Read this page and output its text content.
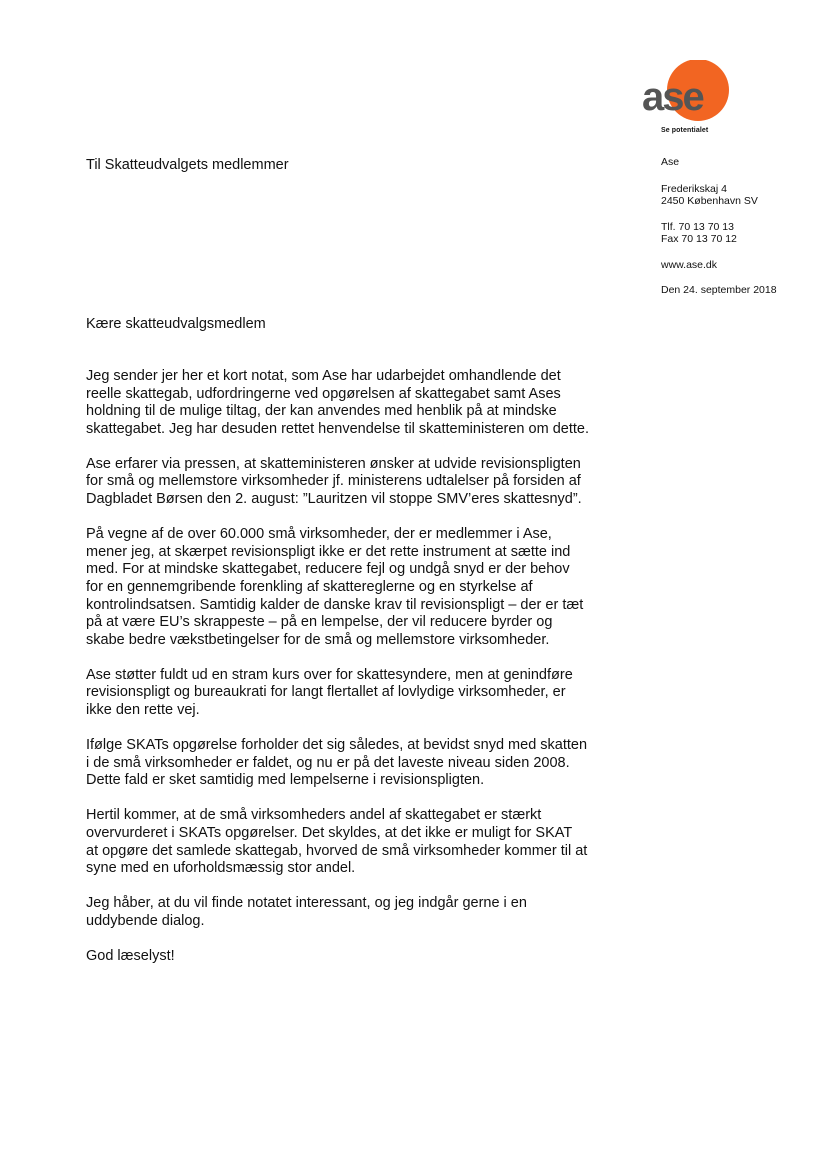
ase
Se potentialet
Ase
Frederikskaj 4
2450 København SV
Tlf. 70 13 70 13
Fax 70 13 70 12
www.ase.dk
Den 24. september 2018
Til Skatteudvalgets medlemmer
Kære skatteudvalgsmedlem

Jeg sender jer her et kort notat, som Ase har udarbejdet omhandlende det
reelle skattegab, udfordringerne ved opgørelsen af skattegabet samt Ases
holdning til de mulige tiltag, der kan anvendes med henblik på at mindske
skattegabet. Jeg har desuden rettet henvendelse til skatteministeren om dette.

Ase erfarer via pressen, at skatteministeren ønsker at udvide revisionspligten
for små og mellemstore virksomheder jf. ministerens udtalelser på forsiden af
Dagbladet Børsen den 2. august: ”Lauritzen vil stoppe SMV’eres skattesnyd”.

På vegne af de over 60.000 små virksomheder, der er medlemmer i Ase,
mener jeg, at skærpet revisionspligt ikke er det rette instrument at sætte ind
med. For at mindske skattegabet, reducere fejl og undgå snyd er der behov
for en gennemgribende forenkling af skattereglerne og en styrkelse af
kontrolindsatsen. Samtidig kalder de danske krav til revisionspligt – der er tæt
på at være EU’s skrappeste – på en lempelse, der vil reducere byrder og
skabe bedre vækstbetingelser for de små og mellemstore virksomheder.

Ase støtter fuldt ud en stram kurs over for skattesyndere, men at genindføre
revisionspligt og bureaukrati for langt flertallet af lovlydige virksomheder, er
ikke den rette vej.

Ifølge SKATs opgørelse forholder det sig således, at bevidst snyd med skatten
i de små virksomheder er faldet, og nu er på det laveste niveau siden 2008.
Dette fald er sket samtidig med lempelserne i revisionspligten.

Hertil kommer, at de små virksomheders andel af skattegabet er stærkt
overvurderet i SKATs opgørelser. Det skyldes, at det ikke er muligt for SKAT
at opgøre det samlede skattegab, hvorved de små virksomheder kommer til at
syne med en uforholdsmæssig stor andel.

Jeg håber, at du vil finde notatet interessant, og jeg indgår gerne i en
uddybende dialog.

God læselyst!
